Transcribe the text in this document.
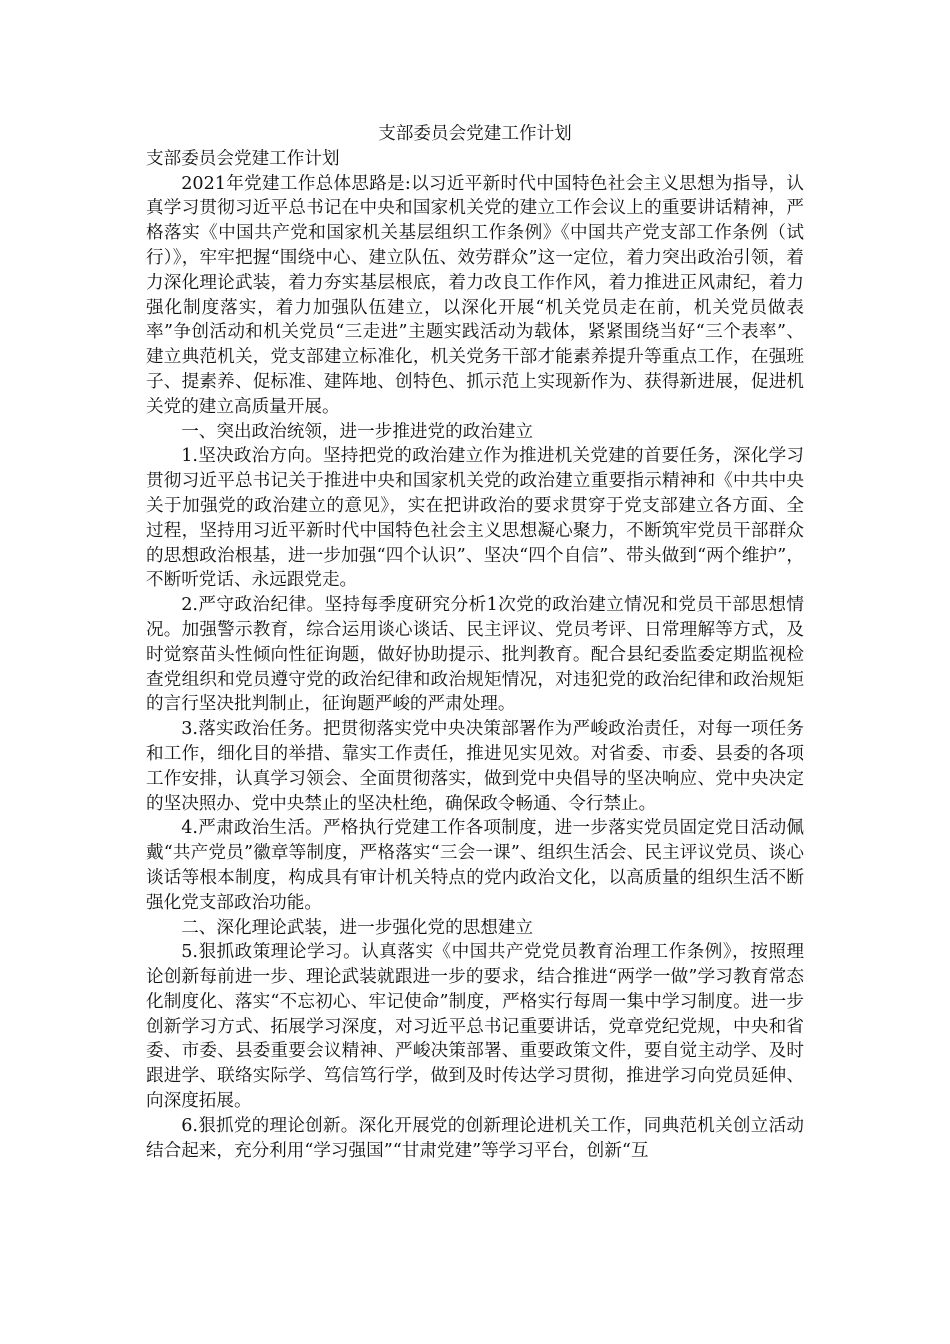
支部委员会党建工作计划

支部委员会党建工作计划

2021年党建工作总体思路是:以习近平新时代中国特色社会主义思想为指导，认真学习贯彻习近平总书记在中央和国家机关党的建立工作会议上的重要讲话精神，严格落实《中国共产党和国家机关基层组织工作条例》《中国共产党支部工作条例（试行）》，牢牢把握“围绕中心、建立队伍、效劳群众”这一定位，着力突出政治引领，着力深化理论武装，着力夯实基层根底，着力改良工作作风，着力推进正风肃纪，着力强化制度落实，着力加强队伍建立，以深化开展“机关党员走在前，机关党员做表率”争创活动和机关党员“三走进”主题实践活动为载体，紧紧围绕当好“三个表率”、建立典范机关，党支部建立标准化，机关党务干部才能素养提升等重点工作，在强班子、提素养、促标准、建阵地、创特色、抓示范上实现新作为、获得新进展，促进机关党的建立高质量开展。

一、突出政治统领，进一步推进党的政治建立

1.坚决政治方向。坚持把党的政治建立作为推进机关党建的首要任务，深化学习贯彻习近平总书记关于推进中央和国家机关党的政治建立重要指示精神和《中共中央关于加强党的政治建立的意见》，实在把讲政治的要求贯穿于党支部建立各方面、全过程，坚持用习近平新时代中国特色社会主义思想凝心聚力，不断筑牢党员干部群众的思想政治根基，进一步加强“四个认识”、坚决“四个自信”、带头做到“两个维护”，不断听党话、永远跟党走。

2.严守政治纪律。坚持每季度研究分析1次党的政治建立情况和党员干部思想情况。加强警示教育，综合运用谈心谈话、民主评议、党员考评、日常理解等方式，及时觉察苗头性倾向性征询题，做好协助提示、批判教育。配合县纪委监委定期监视检查党组织和党员遵守党的政治纪律和政治规矩情况，对违犯党的政治纪律和政治规矩的言行坚决批判制止，征询题严峻的严肃处理。

3.落实政治任务。把贯彻落实党中央决策部署作为严峻政治责任，对每一项任务和工作，细化目的举措、靠实工作责任，推进见实见效。对省委、市委、县委的各项工作安排，认真学习领会、全面贯彻落实，做到党中央倡导的坚决响应、党中央决定的坚决照办、党中央禁止的坚决杜绝，确保政令畅通、令行禁止。

4.严肃政治生活。严格执行党建工作各项制度，进一步落实党员固定党日活动佩戴“共产党员”徽章等制度，严格落实“三会一课”、组织生活会、民主评议党员、谈心谈话等根本制度，构成具有审计机关特点的党内政治文化，以高质量的组织生活不断强化党支部政治功能。

二、深化理论武装，进一步强化党的思想建立

5.狠抓政策理论学习。认真落实《中国共产党党员教育治理工作条例》，按照理论创新每前进一步、理论武装就跟进一步的要求，结合推进“两学一做”学习教育常态化制度化、落实“不忘初心、牢记使命”制度，严格实行每周一集中学习制度。进一步创新学习方式、拓展学习深度，对习近平总书记重要讲话，党章党纪党规，中央和省委、市委、县委重要会议精神、严峻决策部署、重要政策文件，要自觉主动学、及时跟进学、联络实际学、笃信笃行学，做到及时传达学习贯彻，推进学习向党员延伸、向深度拓展。

6.狠抓党的理论创新。深化开展党的创新理论进机关工作，同典范机关创立活动结合起来，充分利用“学习强国”“甘肃党建”等学习平台，创新“互
